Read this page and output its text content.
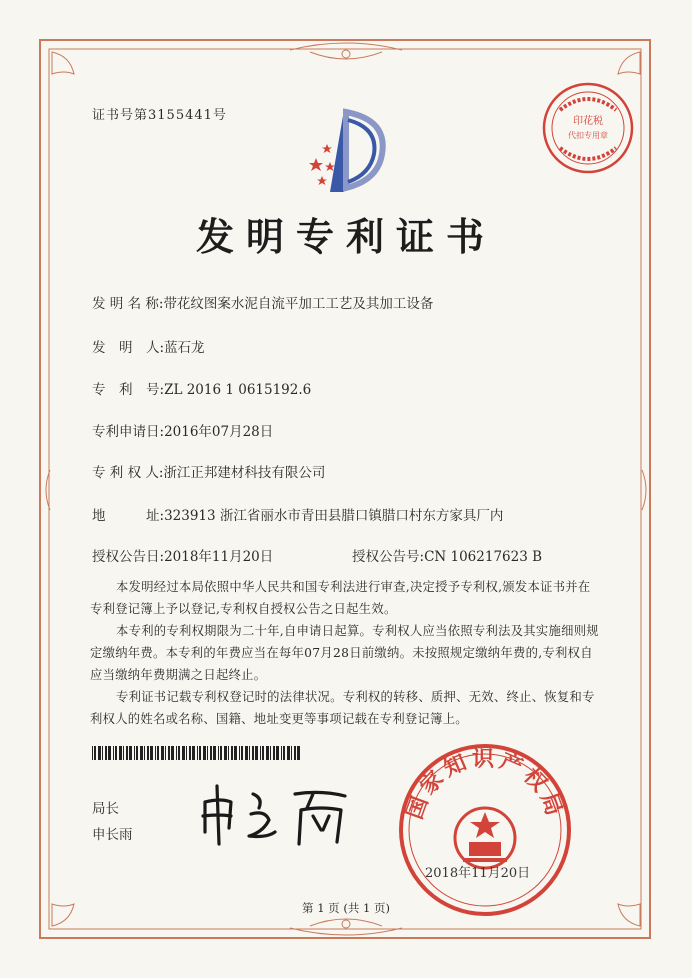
证书号第3155441号	印花税
代扣专用章
发明专利证书
发 明 名 称:带花纹图案水泥自流平加工工艺及其加工设备
发　明　人:蓝石龙
专　利　号:ZL 2016 1 0615192.6
专利申请日:2016年07月28日
专 利 权 人:浙江正邦建材科技有限公司
地　　　址:323913 浙江省丽水市青田县腊口镇腊口村东方家具厂内
授权公告日:2018年11月20日	授权公告号:CN 106217623 B

本发明经过本局依照中华人民共和国专利法进行审查,决定授予专利权,颁发本证书并在专利登记簿上予以登记,专利权自授权公告之日起生效。

本专利的专利权期限为二十年,自申请日起算。专利权人应当依照专利法及其实施细则规定缴纳年费。本专利的年费应当在每年07月28日前缴纳。未按照规定缴纳年费的,专利权自应当缴纳年费期满之日起终止。

专利证书记载专利权登记时的法律状况。专利权的转移、质押、无效、终止、恢复和专利权人的姓名或名称、国籍、地址变更等事项记载在专利登记簿上。

局长
申长雨
国家知识产权局
2018年11月20日
第 1 页 (共 1 页)
